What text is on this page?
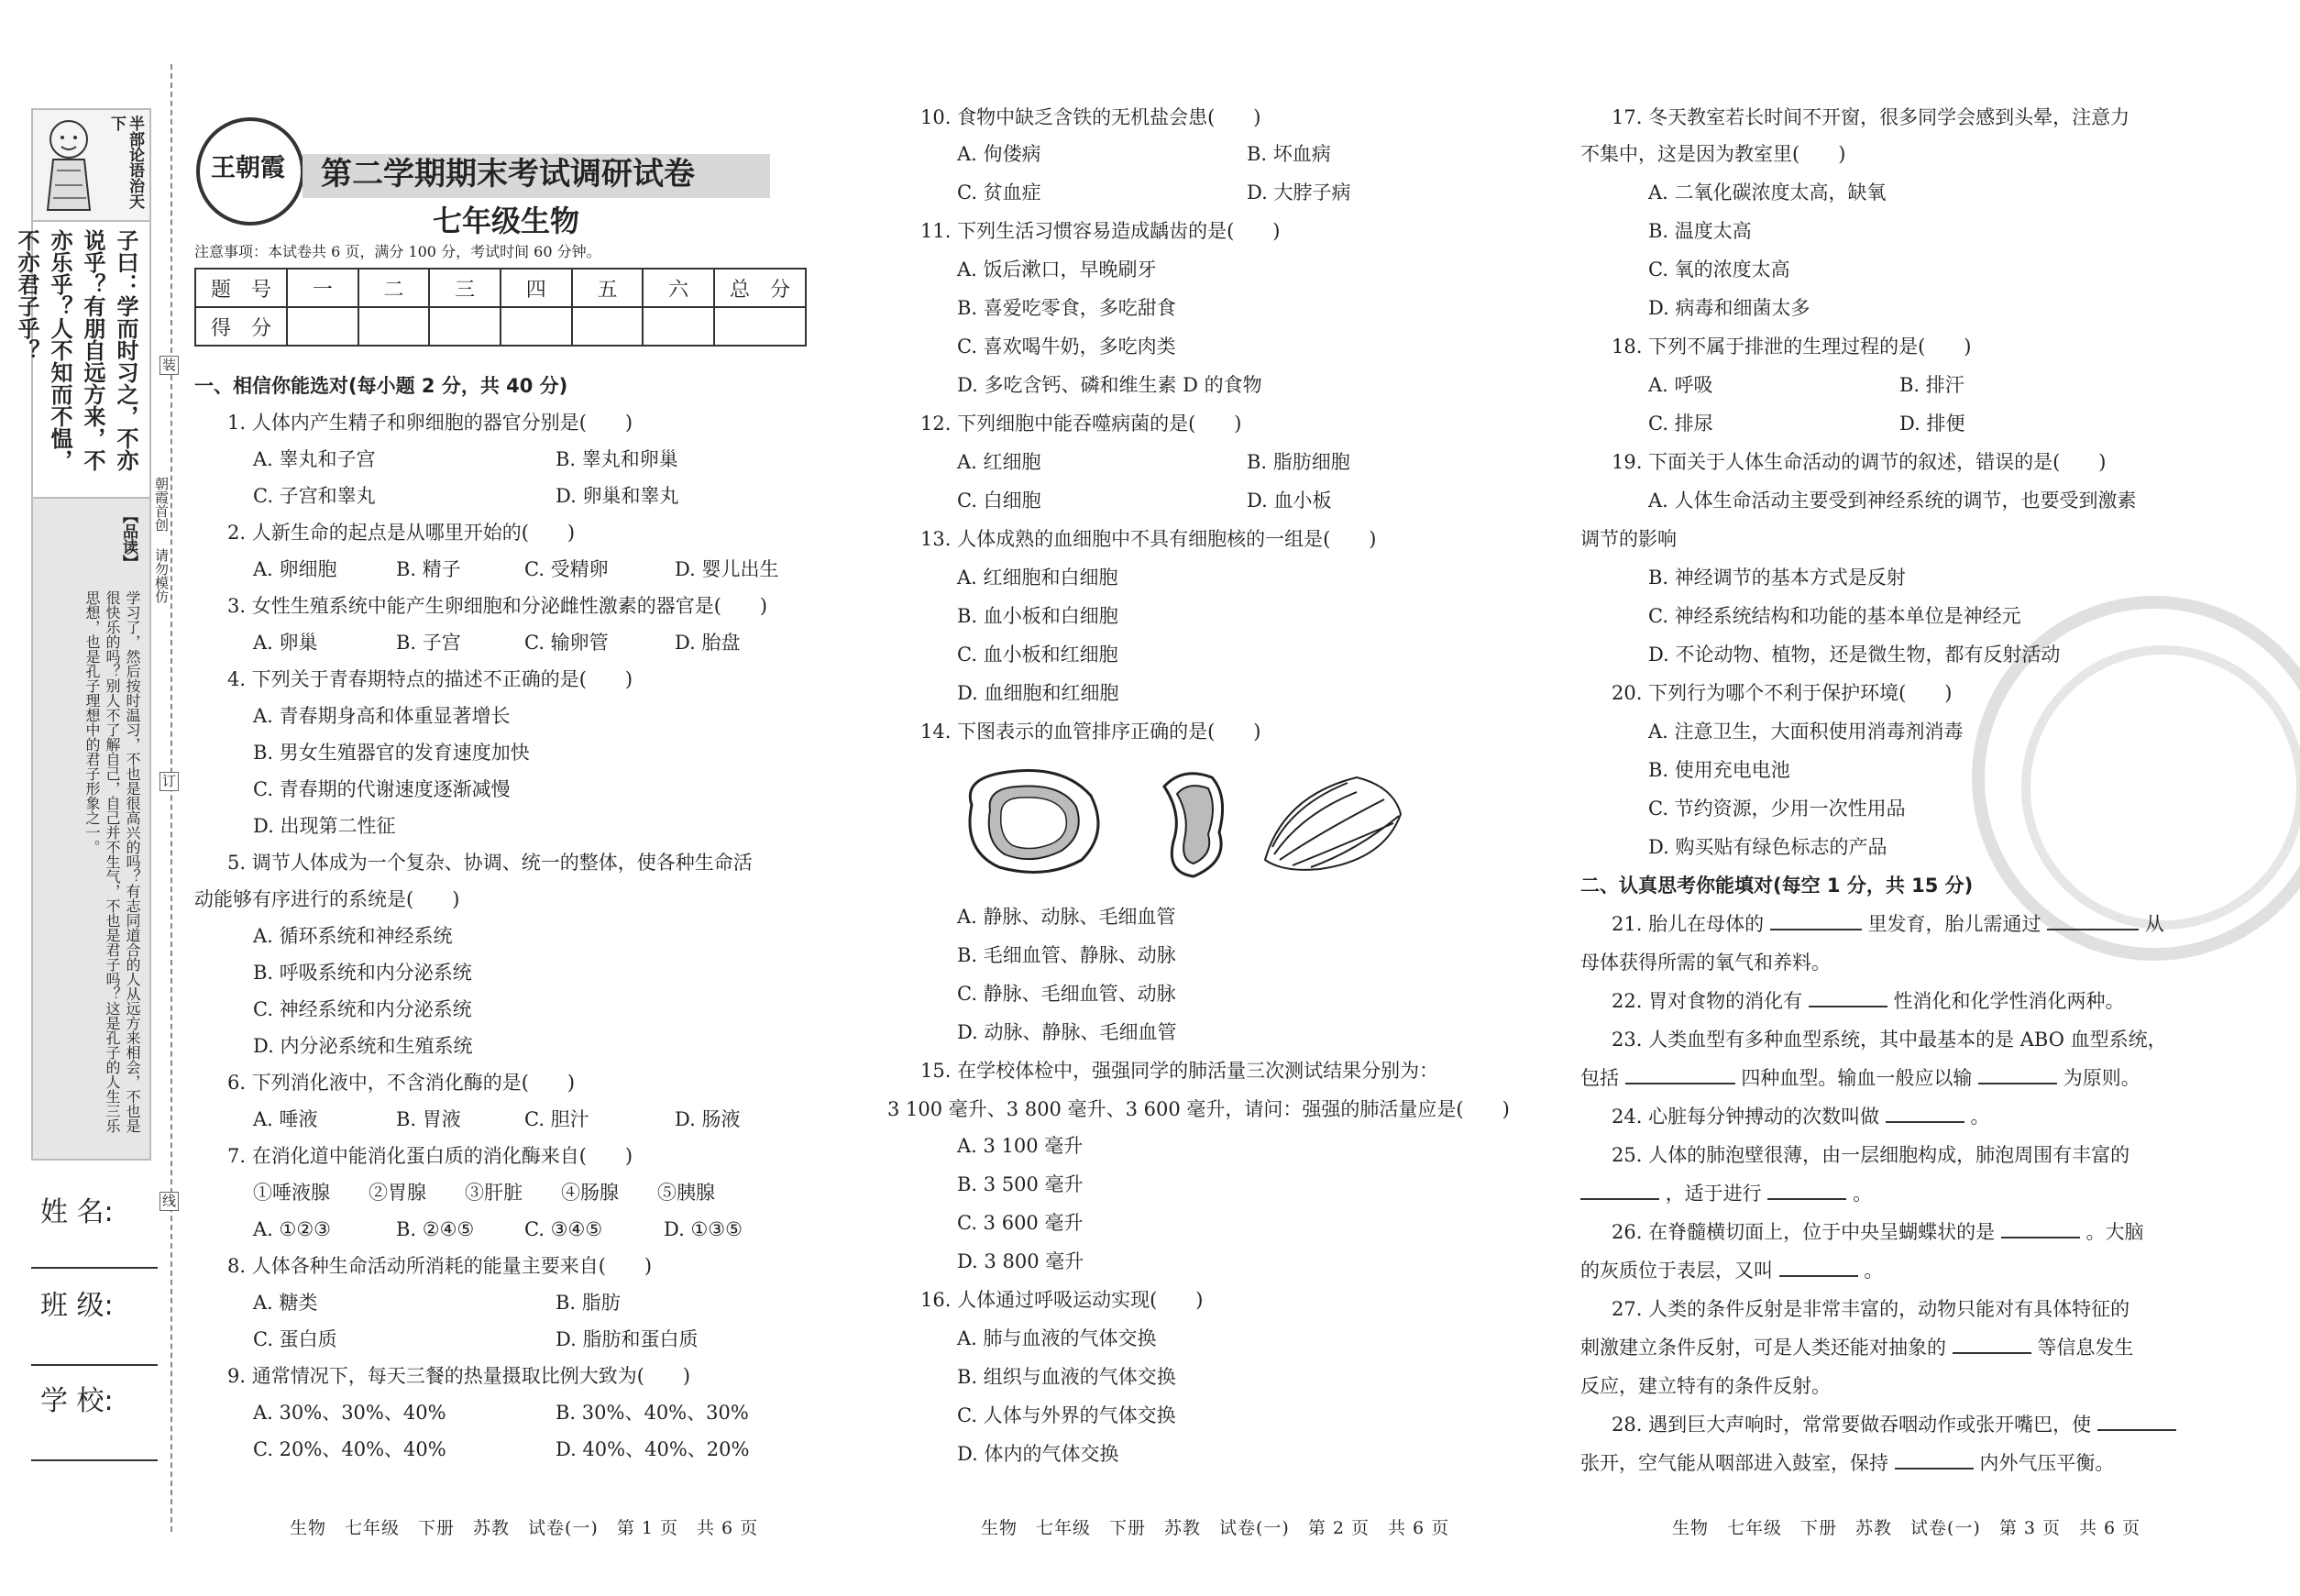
半部论语治天下
子曰：学而时习之，不亦说乎？有朋自远方来，不亦乐乎？人不知而不愠，不亦君子乎？
【品读】
学习了，然后按时温习，不也是很高兴的吗？有志同道合的人从远方来相会，不也是很快乐的吗？别人不了解自己，自己并不生气，不也是君子吗？这是孔子的人生三乐思想，也是孔子理想中的君子形象之一。
姓 名:
班 级:
学 校:
装
订
线
朝霞首创 请勿模仿
王朝霞 第二学期期末考试调研试卷
七年级生物
注意事项：本试卷共 6 页，满分 100 分，考试时间 60 分钟。
题　号	一	二	三	四	五	六	总　分
得　分							
一、相信你能选对(每小题 2 分，共 40 分)
1. 人体内产生精子和卵细胞的器官分别是(　　)
A. 睾丸和子宫	B. 睾丸和卵巢
C. 子宫和睾丸	D. 卵巢和睾丸
2. 人新生命的起点是从哪里开始的(　　)
A. 卵细胞	B. 精子	C. 受精卵	D. 婴儿出生
3. 女性生殖系统中能产生卵细胞和分泌雌性激素的器官是(　　)
A. 卵巢	B. 子宫	C. 输卵管	D. 胎盘
4. 下列关于青春期特点的描述不正确的是(　　)
A. 青春期身高和体重显著增长
B. 男女生殖器官的发育速度加快
C. 青春期的代谢速度逐渐减慢
D. 出现第二性征
5. 调节人体成为一个复杂、协调、统一的整体，使各种生命活
动能够有序进行的系统是(　　)
A. 循环系统和神经系统
B. 呼吸系统和内分泌系统
C. 神经系统和内分泌系统
D. 内分泌系统和生殖系统
6. 下列消化液中，不含消化酶的是(　　)
A. 唾液	B. 胃液	C. 胆汁	D. 肠液
7. 在消化道中能消化蛋白质的消化酶来自(　　)
①唾液腺　　②胃腺　　③肝脏　　④肠腺　　⑤胰腺
A. ①②③	B. ②④⑤	C. ③④⑤	D. ①③⑤
8. 人体各种生命活动所消耗的能量主要来自(　　)
A. 糖类	B. 脂肪
C. 蛋白质	D. 脂肪和蛋白质
9. 通常情况下，每天三餐的热量摄取比例大致为(　　)
A. 30%、30%、40%	B. 30%、40%、30%
C. 20%、40%、40%	D. 40%、40%、20%
10. 食物中缺乏含铁的无机盐会患(　　)
A. 佝偻病	B. 坏血病
C. 贫血症	D. 大脖子病
11. 下列生活习惯容易造成龋齿的是(　　)
A. 饭后漱口，早晚刷牙
B. 喜爱吃零食，多吃甜食
C. 喜欢喝牛奶，多吃肉类
D. 多吃含钙、磷和维生素 D 的食物
12. 下列细胞中能吞噬病菌的是(　　)
A. 红细胞	B. 脂肪细胞
C. 白细胞	D. 血小板
13. 人体成熟的血细胞中不具有细胞核的一组是(　　)
A. 红细胞和白细胞
B. 血小板和白细胞
C. 血小板和红细胞
D. 血细胞和红细胞
14. 下图表示的血管排序正确的是(　　)
A. 静脉、动脉、毛细血管
B. 毛细血管、静脉、动脉
C. 静脉、毛细血管、动脉
D. 动脉、静脉、毛细血管
15. 在学校体检中，强强同学的肺活量三次测试结果分别为：
3 100 毫升、3 800 毫升、3 600 毫升，请问：强强的肺活量应是(　　)
A. 3 100 毫升
B. 3 500 毫升
C. 3 600 毫升
D. 3 800 毫升
16. 人体通过呼吸运动实现(　　)
A. 肺与血液的气体交换
B. 组织与血液的气体交换
C. 人体与外界的气体交换
D. 体内的气体交换
17. 冬天教室若长时间不开窗，很多同学会感到头晕，注意力
不集中，这是因为教室里(　　)
A. 二氧化碳浓度太高，缺氧
B. 温度太高
C. 氧的浓度太高
D. 病毒和细菌太多
18. 下列不属于排泄的生理过程的是(　　)
A. 呼吸	B. 排汗
C. 排尿	D. 排便
19. 下面关于人体生命活动的调节的叙述，错误的是(　　)
A. 人体生命活动主要受到神经系统的调节，也要受到激素
调节的影响
B. 神经调节的基本方式是反射
C. 神经系统结构和功能的基本单位是神经元
D. 不论动物、植物，还是微生物，都有反射活动
20. 下列行为哪个不利于保护环境(　　)
A. 注意卫生，大面积使用消毒剂消毒
B. 使用充电电池
C. 节约资源，少用一次性用品
D. 购买贴有绿色标志的产品
二、认真思考你能填对(每空 1 分，共 15 分)
21. 胎儿在母体的	里发育，胎儿需通过	从
母体获得所需的氧气和养料。
22. 胃对食物的消化有	性消化和化学性消化两种。
23. 人类血型有多种血型系统，其中最基本的是 ABO 血型系统，
包括	四种血型。输血一般应以输	为原则。
24. 心脏每分钟搏动的次数叫做	。
25. 人体的肺泡壁很薄，由一层细胞构成，肺泡周围有丰富的
，适于进行	。
26. 在脊髓横切面上，位于中央呈蝴蝶状的是	。大脑
的灰质位于表层，又叫	。
27. 人类的条件反射是非常丰富的，动物只能对有具体特征的
刺激建立条件反射，可是人类还能对抽象的	等信息发生
反应，建立特有的条件反射。
28. 遇到巨大声响时，常常要做吞咽动作或张开嘴巴，使
张开，空气能从咽部进入鼓室，保持	内外气压平衡。
生物　七年级　下册　苏教　试卷(一)　第 1 页　共 6 页	生物　七年级　下册　苏教　试卷(一)　第 2 页　共 6 页	生物　七年级　下册　苏教　试卷(一)　第 3 页　共 6 页
